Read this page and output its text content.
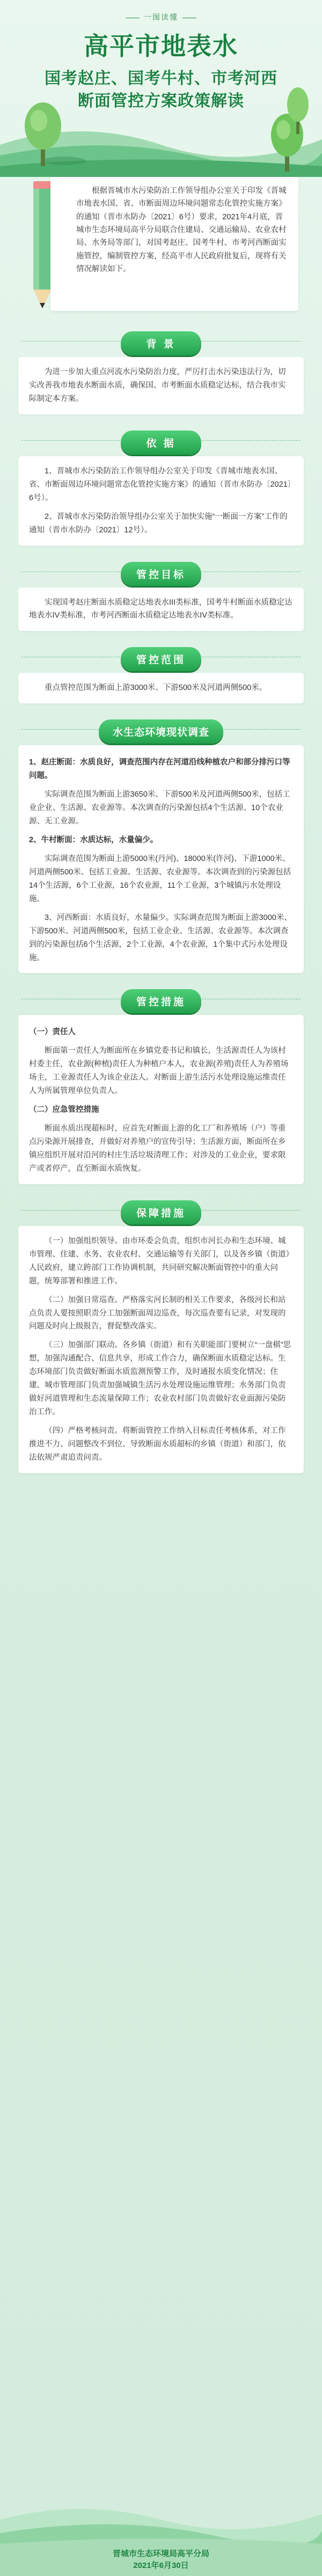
一图读懂
高平市地表水
国考赵庄、国考牛村、市考河西
断面管控方案政策解读

根据晋城市水污染防治工作领导组办公室关于印发《晋城市地表水国、省、市断面周边环境问题常态化管控实施方案》的通知（晋市水防办〔2021〕6号）要求，2021年4月底，晋城市生态环境局高平分局联合住建局、交通运输局、农业农村局、水务局等部门，对国考赵庄、国考牛村、市考河西断面实施管控，编制管控方案，经高平市人民政府批复后，现将有关情况解读如下。

背 景

为进一步加大重点河流水污染防治力度，严厉打击水污染违法行为，切实改善我市地表水断面水质，确保国、市考断面水质稳定达标，结合我市实际制定本方案。

依 据

1、晋城市水污染防治工作领导组办公室关于印发《晋城市地表水国、省、市断面周边环境问题常态化管控实施方案》的通知（晋市水防办〔2021〕6号）。

2、晋城市水污染防治领导组办公室关于加快实施“一断面一方案”工作的通知（晋市水防办〔2021〕12号）。

管控目标

实现国考赵庄断面水质稳定达地表水III类标准，国考牛村断面水质稳定达地表水IV类标准，市考河西断面水质稳定达地表水IV类标准。

管控范围

重点管控范围为断面上游3000米、下游500米及河道两侧500米。

水生态环境现状调查

1、赵庄断面：水质良好，调查范围内存在河道沿线种植农户和部分排污口等问题。

实际调查范围为断面上游3650米、下游500米及河道两侧500米，包括工业企业、生活源、农业源等。本次调查的污染源包括4个生活源、10个农业源、无工业源。

2、牛村断面：水质达标，水量偏少。

实际调查范围为断面上游5000米(丹河)、18000米(许河)、下游1000米、河道两侧500米、包括工业源、生活源、农业源等。本次调查到的污染源包括14个生活源，6个工业源，16个农业源，11个工业源，3个城镇污水处理设施。

3、河西断面：水质良好，水量偏少。实际调查范围为断面上游3000米、下游500米、河道两侧500米，包括工业企业、生活源、农业源等。本次调查到的污染源包括6个生活源，2个工业源，4个农业源，1个集中式污水处理设施。

管控措施

（一）责任人

断面第一责任人为断面所在乡镇党委书记和镇长，生活源责任人为该村村委主任，农业源(种植)责任人为种植户本人，农业源(养殖)责任人为养殖场场主，工业源责任人为该企业法人。对断面上游生活污水处理设施运维责任人为所属管理单位负责人。

（二）应急管控措施

断面水质出现超标时，应首先对断面上游的化工厂和养殖场（户）等重点污染源开展排查，并做好对养殖户的宣传引导；生活源方面，断面所在乡镇应组织开展对沿河的村庄生活垃圾清理工作；对涉及的工业企业，要求限产或者停产，直至断面水质恢复。

保障措施

（一）加强组织领导。由市环委会负责，组织市河长办和生态环境、城市管理、住建、水务、农业农村、交通运输等有关部门，以及各乡镇（街道）人民政府，建立跨部门工作协调机制，共同研究解决断面管控中的重大问题，统筹部署和推进工作。

（二）加强日常巡查。严格落实河长制的相关工作要求，各级河长和站点负责人要按照职责分工加强断面周边巡查，每次巡查要有记录，对发现的问题及时向上级报告，督促整改落实。

（三）加强部门联动。各乡镇（街道）和有关职能部门要树立“一盘棋”思想，加强沟通配合、信息共享，形成工作合力，确保断面水质稳定达标。生态环境部门负责做好断面水质监测预警工作，及时通报水质变化情况；住建、城市管理部门负责加强城镇生活污水处理设施运维管理；水务部门负责做好河道管理和生态流量保障工作；农业农村部门负责做好农业面源污染防治工作。

（四）严格考核问责。将断面管控工作纳入目标责任考核体系，对工作推进不力、问题整改不到位、导致断面水质超标的乡镇（街道）和部门，依法依规严肃追责问责。

晋城市生态环境局高平分局
2021年6月30日
